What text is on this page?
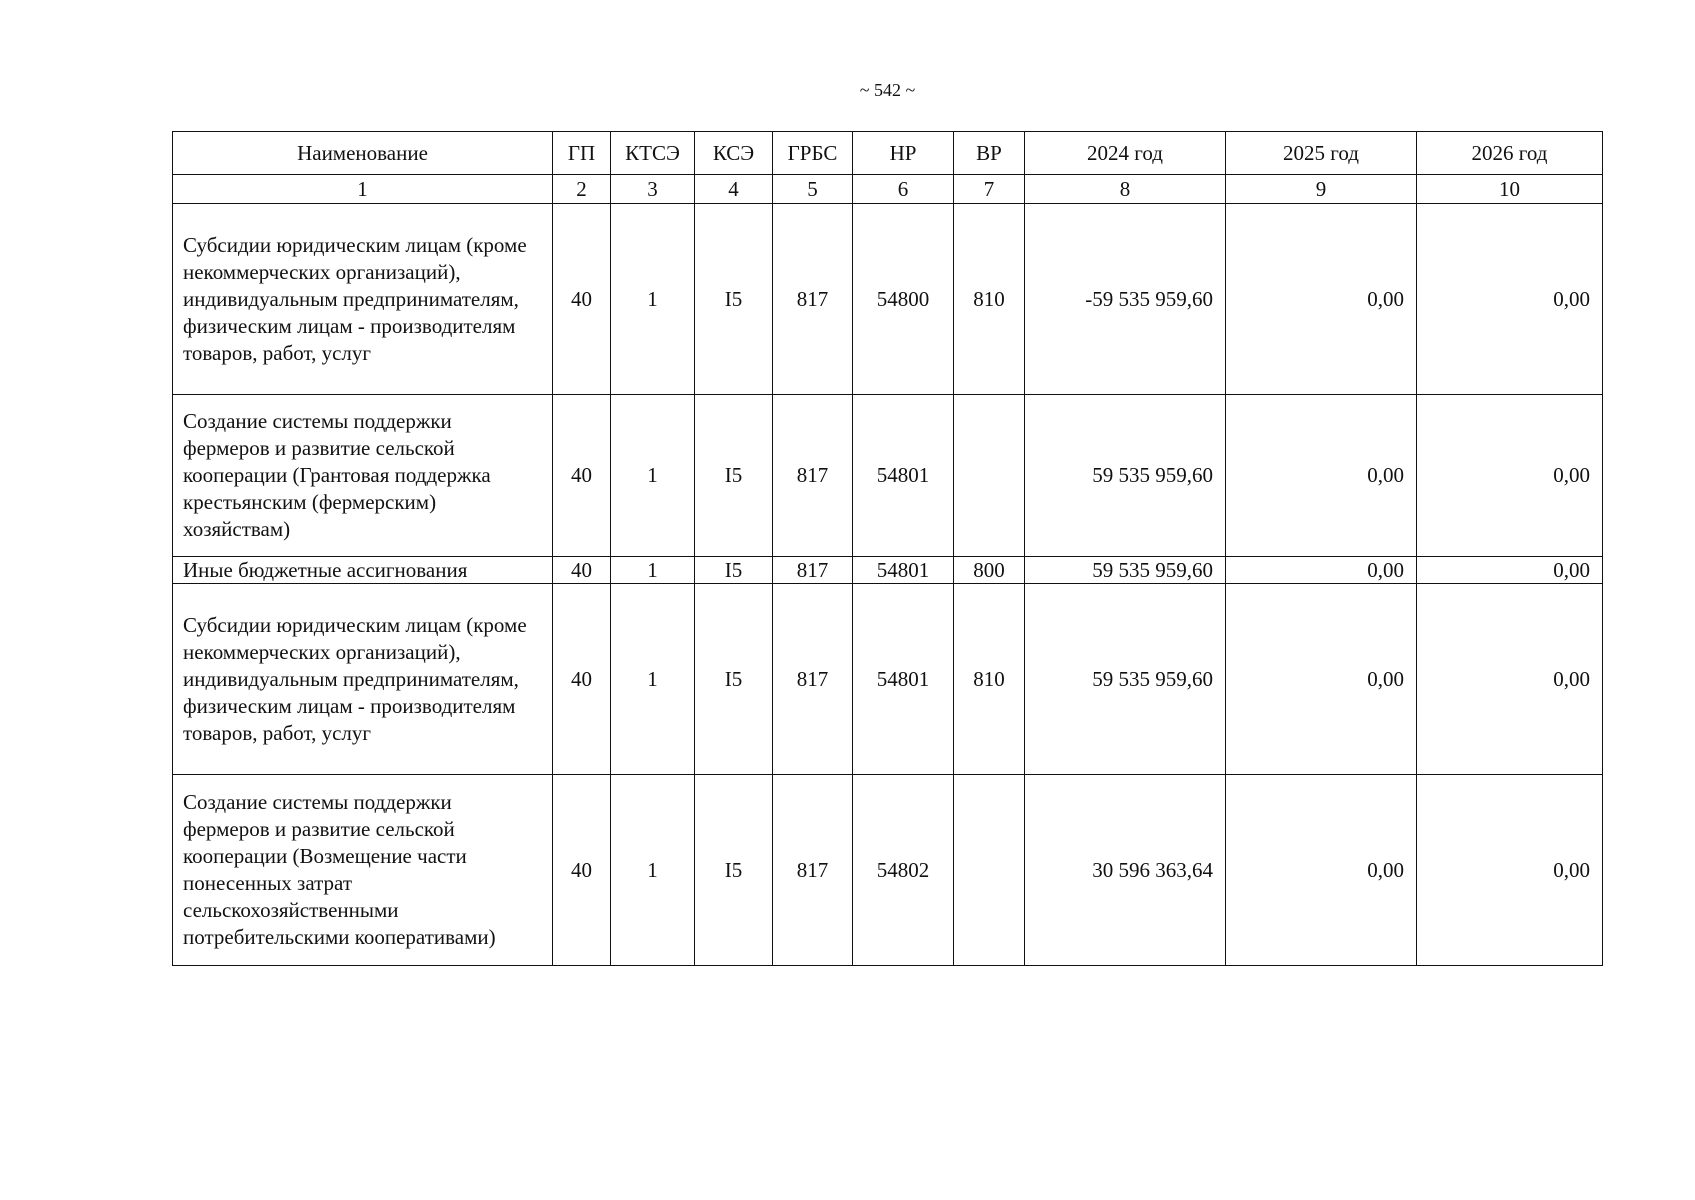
~ 542 ~
Наименование	ГП	КТСЭ	КСЭ	ГРБС	НР	ВР	2024 год	2025 год	2026 год
1	2	3	4	5	6	7	8	9	10
Субсидии юридическим лицам (кроме некоммерческих организаций), индивидуальным предпринимателям, физическим лицам - производителям товаров, работ, услуг	40	1	I5	817	54800	810	-59 535 959,60	0,00	0,00
Создание системы поддержки фермеров и развитие сельской кооперации (Грантовая поддержка крестьянским (фермерским) хозяйствам)	40	1	I5	817	54801		59 535 959,60	0,00	0,00
Иные бюджетные ассигнования	40	1	I5	817	54801	800	59 535 959,60	0,00	0,00
Субсидии юридическим лицам (кроме некоммерческих организаций), индивидуальным предпринимателям, физическим лицам - производителям товаров, работ, услуг	40	1	I5	817	54801	810	59 535 959,60	0,00	0,00
Создание системы поддержки фермеров и развитие сельской кооперации (Возмещение части понесенных затрат сельскохозяйственными потребительскими кооперативами)	40	1	I5	817	54802		30 596 363,64	0,00	0,00
